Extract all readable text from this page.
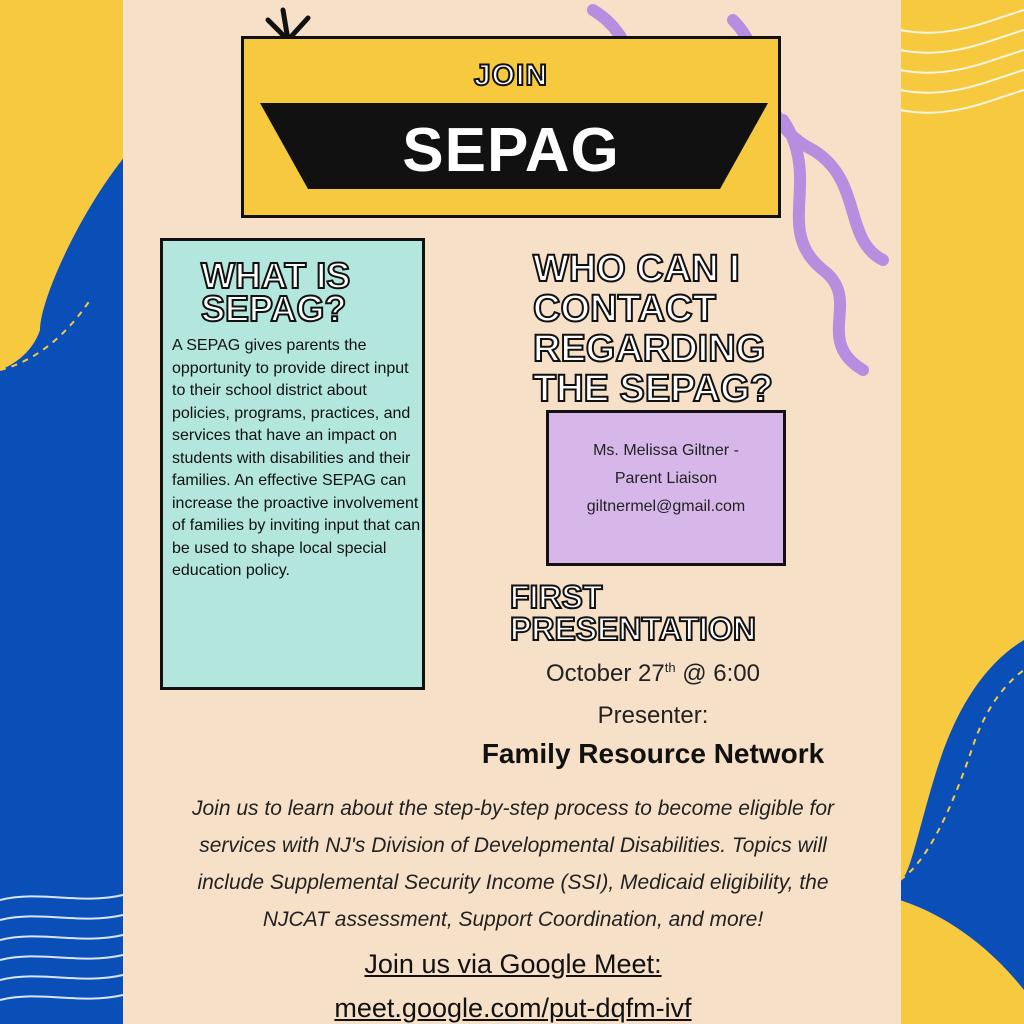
JOIN
SEPAG
WHAT IS
SEPAG?
A SEPAG gives parents the opportunity to provide direct input to their school district about policies, programs, practices, and services that have an impact on students with disabilities and their families. An effective SEPAG can increase the proactive involvement of families by inviting input that can be used to shape local special education policy.
WHO CAN I
CONTACT
REGARDING
THE SEPAG?
Ms. Melissa Giltner -
Parent Liaison
giltnermel@gmail.com
FIRST
PRESENTATION
October 27th @ 6:00
Presenter:
Family Resource Network
Join us to learn about the step-by-step process to become eligible for
services with NJ's Division of Developmental Disabilities. Topics will
include Supplemental Security Income (SSI), Medicaid eligibility, the
NJCAT assessment, Support Coordination, and more!
Join us via Google Meet:
meet.google.com/put-dqfm-ivf
